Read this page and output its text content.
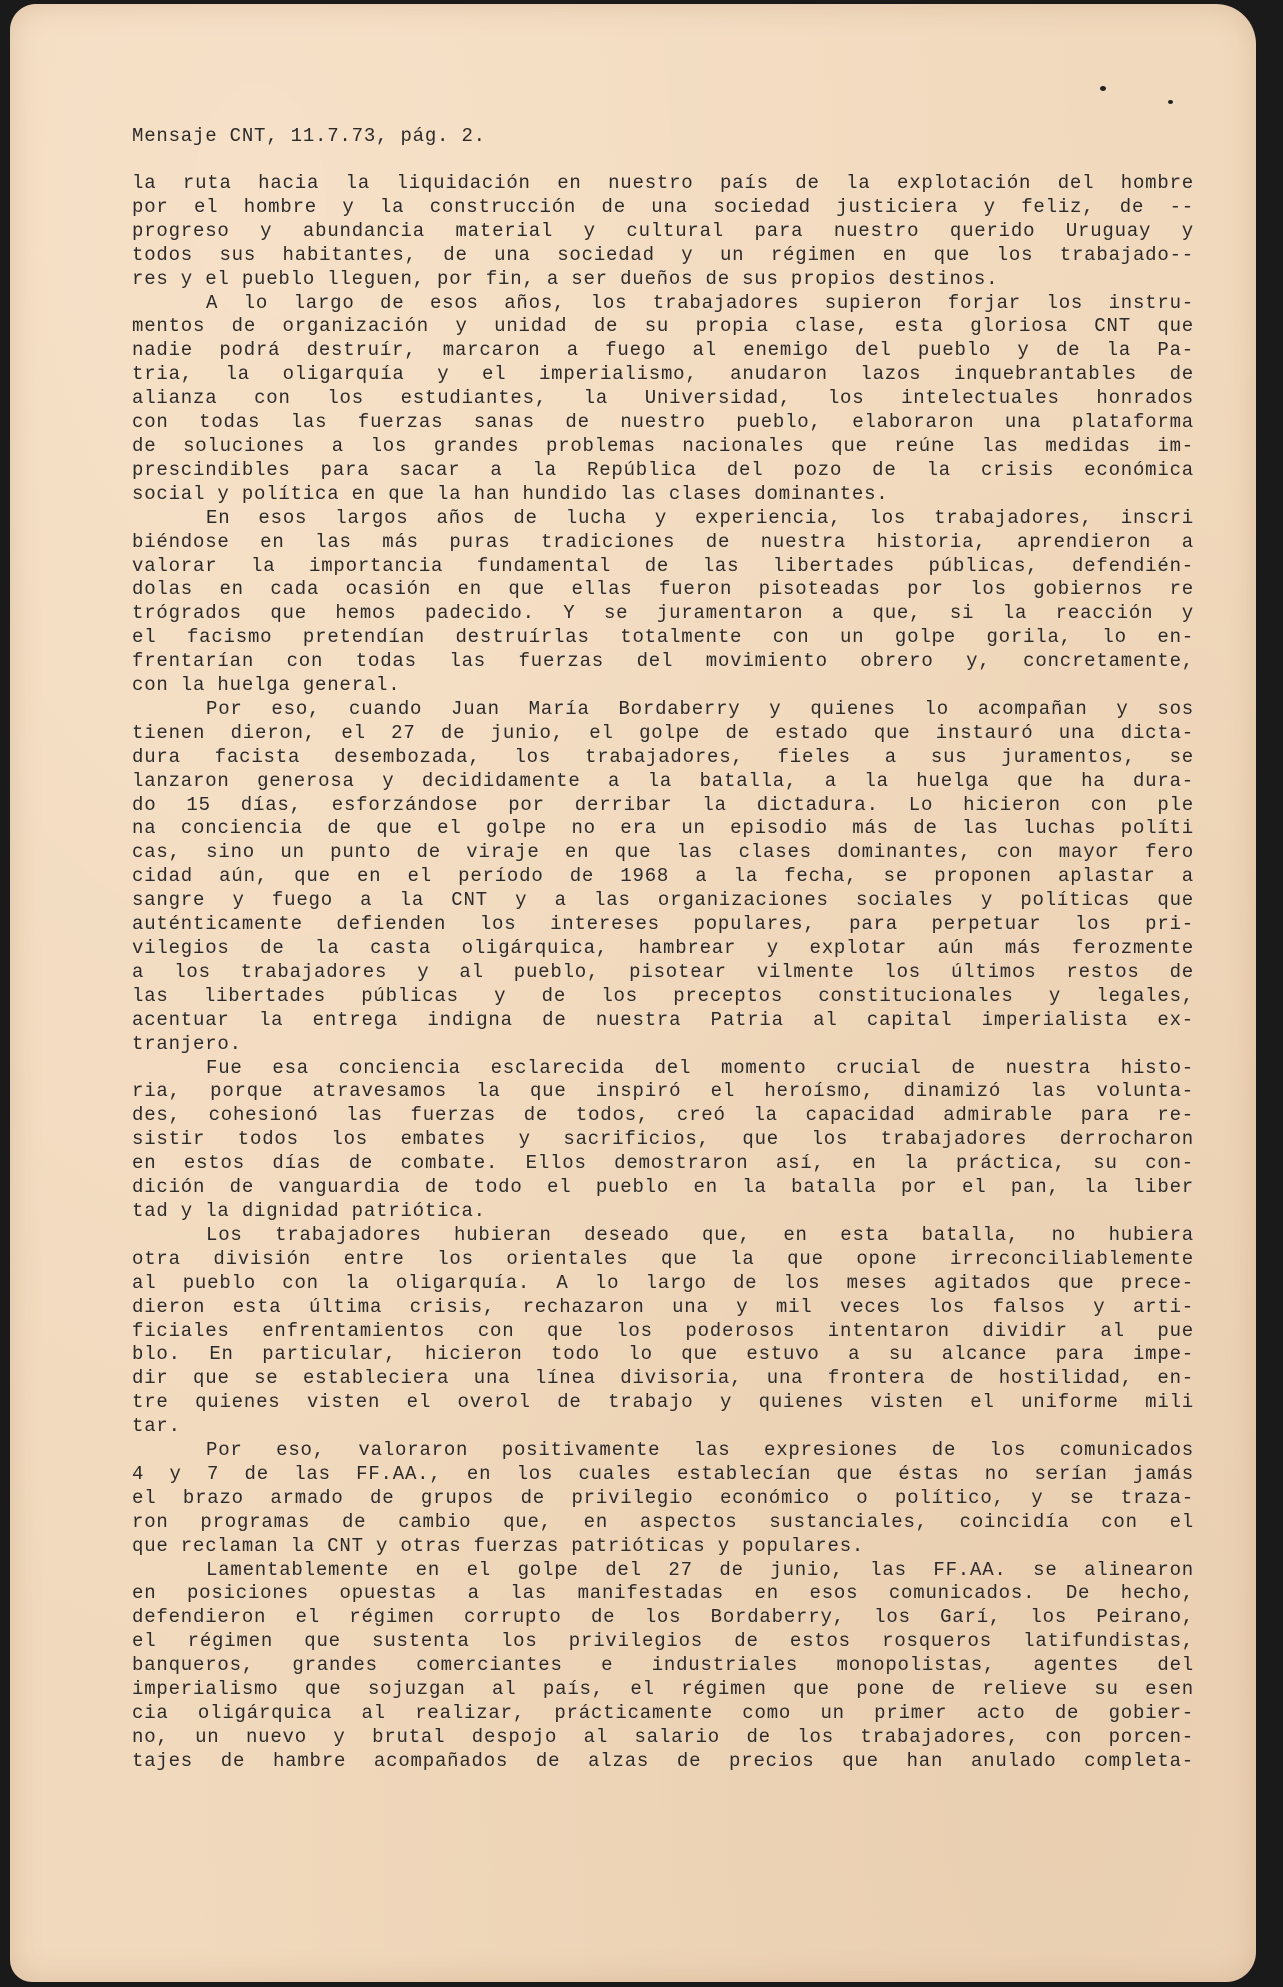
Mensaje CNT, 11.7.73, pág. 2.
la ruta hacia la liquidación en nuestro país de la explotación del hombre
por el hombre y la construcción de una sociedad justiciera y feliz, de --
progreso y abundancia material y cultural para nuestro querido Uruguay y
todos sus habitantes, de una sociedad y un régimen en que los trabajado--
res y el pueblo lleguen, por fin, a ser dueños de sus propios destinos.
A lo largo de esos años, los trabajadores supieron forjar los instru-
mentos de organización y unidad de su propia clase, esta gloriosa CNT que
nadie podrá destruír, marcaron a fuego al enemigo del pueblo y de la Pa-
tria, la oligarquía y el imperialismo, anudaron lazos inquebrantables de
alianza con los estudiantes, la Universidad, los intelectuales honrados
con todas las fuerzas sanas de nuestro pueblo, elaboraron una plataforma
de soluciones a los grandes problemas nacionales que reúne las medidas im-
prescindibles para sacar a la República del pozo de la crisis económica
social y política en que la han hundido las clases dominantes.
En esos largos años de lucha y experiencia, los trabajadores, inscri
biéndose en las más puras tradiciones de nuestra historia, aprendieron a
valorar la importancia fundamental de las libertades públicas, defendién-
dolas en cada ocasión en que ellas fueron pisoteadas por los gobiernos re
trógrados que hemos padecido. Y se juramentaron a que, si la reacción y
el facismo pretendían destruírlas totalmente con un golpe gorila, lo en-
frentarían con todas las fuerzas del movimiento obrero y, concretamente,
con la huelga general.
Por eso, cuando Juan María Bordaberry y quienes lo acompañan y sos
tienen dieron, el 27 de junio, el golpe de estado que instauró una dicta-
dura facista desembozada, los trabajadores, fieles a sus juramentos, se
lanzaron generosa y decididamente a la batalla, a la huelga que ha dura-
do 15 días, esforzándose por derribar la dictadura. Lo hicieron con ple
na conciencia de que el golpe no era un episodio más de las luchas políti
cas, sino un punto de viraje en que las clases dominantes, con mayor fero
cidad aún, que en el período de 1968 a la fecha, se proponen aplastar a
sangre y fuego a la CNT y a las organizaciones sociales y políticas que
auténticamente defienden los intereses populares, para perpetuar los pri-
vilegios de la casta oligárquica, hambrear y explotar aún más ferozmente
a los trabajadores y al pueblo, pisotear vilmente los últimos restos de
las libertades públicas y de los preceptos constitucionales y legales,
acentuar la entrega indigna de nuestra Patria al capital imperialista ex-
tranjero.
Fue esa conciencia esclarecida del momento crucial de nuestra histo-
ria, porque atravesamos la que inspiró el heroísmo, dinamizó las volunta-
des, cohesionó las fuerzas de todos, creó la capacidad admirable para re-
sistir todos los embates y sacrificios, que los trabajadores derrocharon
en estos días de combate. Ellos demostraron así, en la práctica, su con-
dición de vanguardia de todo el pueblo en la batalla por el pan, la liber
tad y la dignidad patriótica.
Los trabajadores hubieran deseado que, en esta batalla, no hubiera
otra división entre los orientales que la que opone irreconciliablemente
al pueblo con la oligarquía. A lo largo de los meses agitados que prece-
dieron esta última crisis, rechazaron una y mil veces los falsos y arti-
ficiales enfrentamientos con que los poderosos intentaron dividir al pue
blo. En particular, hicieron todo lo que estuvo a su alcance para impe-
dir que se estableciera una línea divisoria, una frontera de hostilidad, en-
tre quienes visten el overol de trabajo y quienes visten el uniforme mili
tar.
Por eso, valoraron positivamente las expresiones de los comunicados
4 y 7 de las FF.AA., en los cuales establecían que éstas no serían jamás
el brazo armado de grupos de privilegio económico o político, y se traza-
ron programas de cambio que, en aspectos sustanciales, coincidía con el
que reclaman la CNT y otras fuerzas patrióticas y populares.
Lamentablemente en el golpe del 27 de junio, las FF.AA. se alinearon
en posiciones opuestas a las manifestadas en esos comunicados. De hecho,
defendieron el régimen corrupto de los Bordaberry, los Garí, los Peirano,
el régimen que sustenta los privilegios de estos rosqueros latifundistas,
banqueros, grandes comerciantes e industriales monopolistas, agentes del
imperialismo que sojuzgan al país, el régimen que pone de relieve su esen
cia oligárquica al realizar, prácticamente como un primer acto de gobier-
no, un nuevo y brutal despojo al salario de los trabajadores, con porcen-
tajes de hambre acompañados de alzas de precios que han anulado completa-
